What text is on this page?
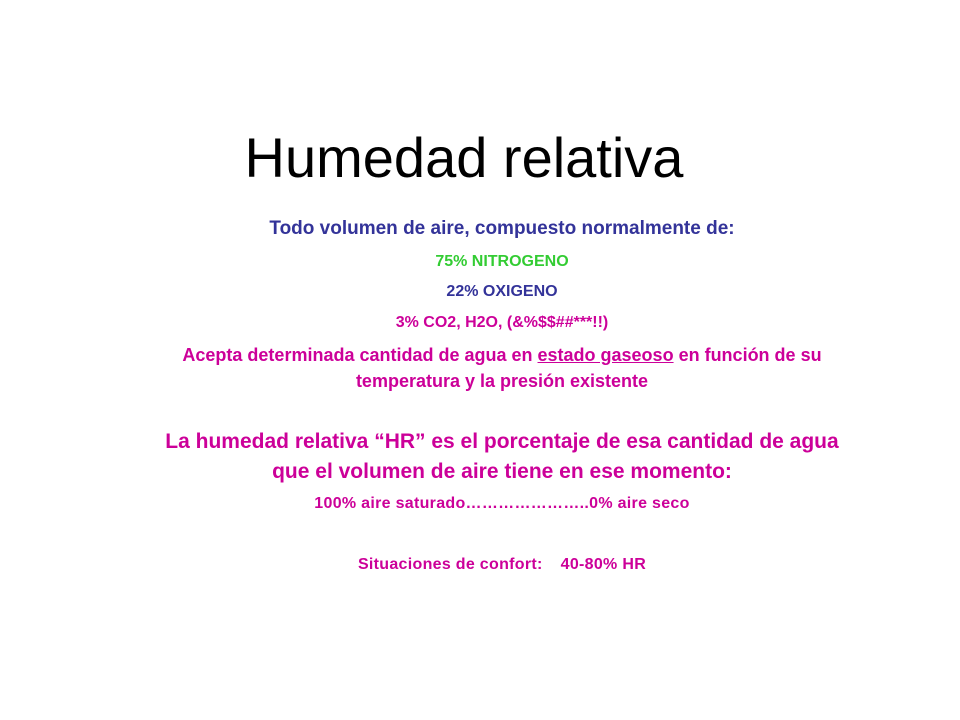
Humedad relativa

Todo volumen de aire, compuesto normalmente de:

75% NITROGENO

22% OXIGENO

3% CO2, H2O, (&%$$##***!!)

Acepta determinada cantidad de agua en estado gaseoso en función de su temperatura y la presión existente

La humedad relativa “HR” es el porcentaje de esa cantidad de agua que el volumen de aire tiene en ese momento:

100% aire saturado…………………..0% aire seco

Situaciones de confort: 40-80% HR
